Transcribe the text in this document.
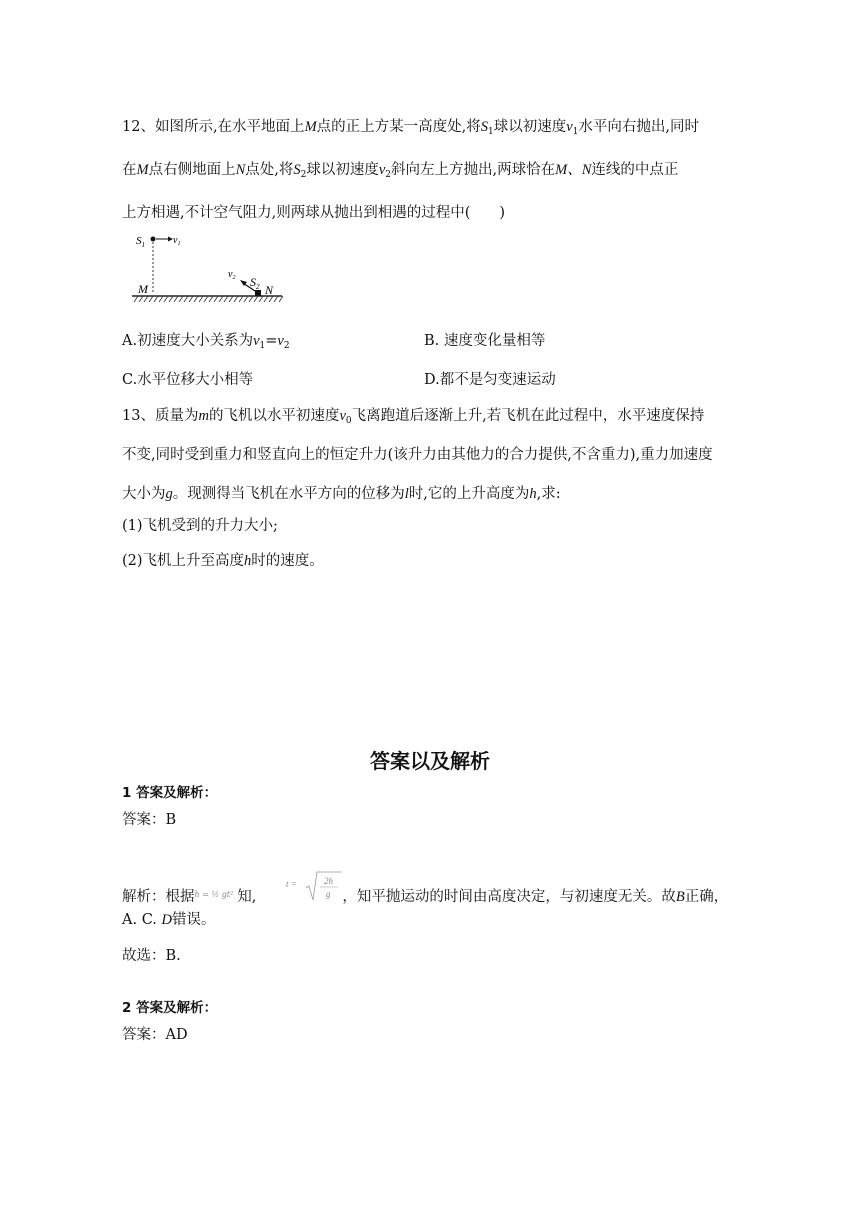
12、如图所示,在水平地面上M点的正上方某一高度处,将$S_1$球以初速度$v_1$水平向右抛出,同时
在M点右侧地面上N点处,将$S_2$球以初速度$v_2$斜向左上方抛出,两球恰在M、N连线的中点正
上方相遇,不计空气阻力,则两球从抛出到相遇的过程中(　　)
$S_1$	$v_1$
M
$v_2$ $S_2$ N
A.初速度大小关系为$v_1=v_2$	B. 速度变化量相等
C.水平位移大小相等	D.都不是匀变速运动
13、质量为m的飞机以水平初速度$v_0$飞离跑道后逐渐上升,若飞机在此过程中，水平速度保持
不变,同时受到重力和竖直向上的恒定升力(该升力由其他力的合力提供,不含重力),重力加速度
大小为g。现测得当飞机在水平方向的位移为l时,它的上升高度为h,求:
(1)飞机受到的升力大小;
(2)飞机上升至高度h时的速度。
答案以及解析
1 答案及解析：
答案：B
解析：根据h = ½ gt² 知,
t =	2h
g ，知平抛运动的时间由高度决定，与初速度无关。故B正确，
A. C. D错误。
故选：B.
2 答案及解析：
答案：AD
